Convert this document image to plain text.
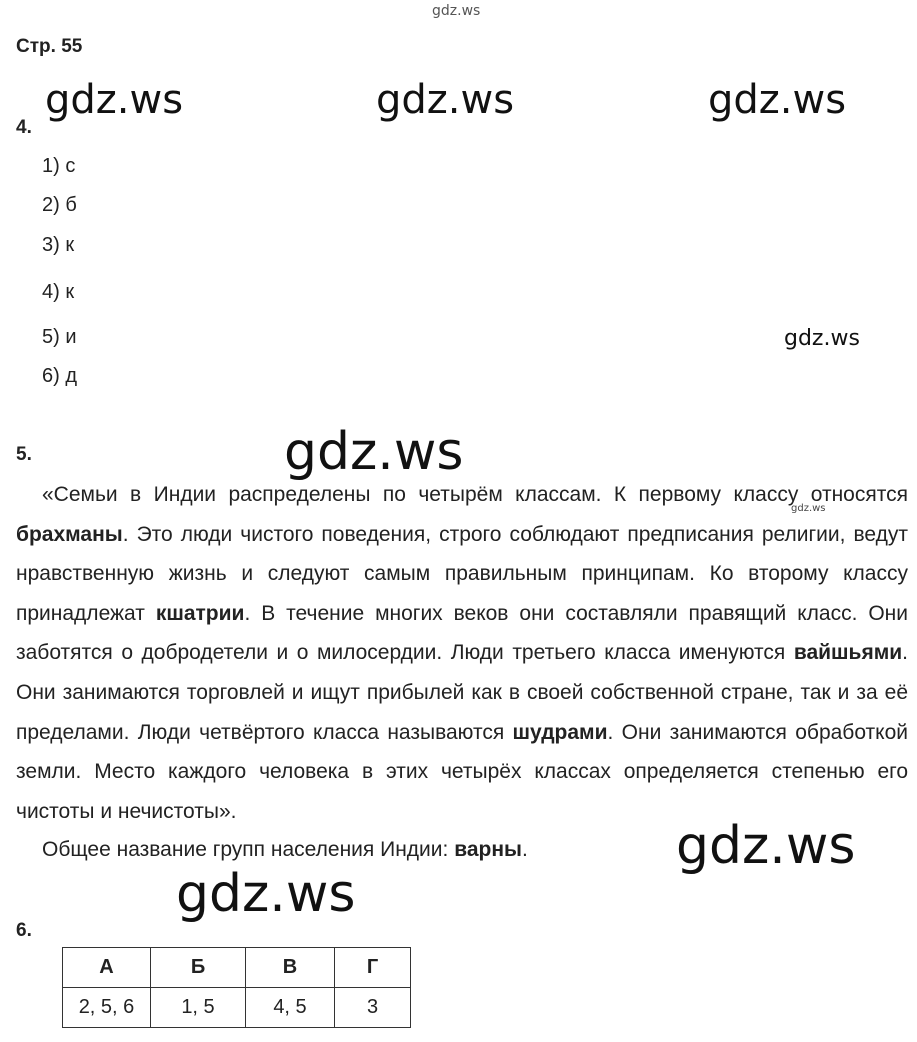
gdz.ws
gdz.ws	gdz.ws	gdz.ws
gdz.ws
gdz.ws
gdz.ws
gdz.ws
gdz.ws
Стр. 55
4.
1) с
2) б
3) к
4) к
5) и
6) д
5.
«Семьи в Индии распределены по четырём классам. К первому классу относятся брахманы. Это люди чистого поведения, строго соблюдают предписания религии, ведут нравственную жизнь и следуют самым правильным принципам. Ко второму классу принадлежат кшатрии. В течение многих веков они составляли правящий класс. Они заботятся о добродетели и о милосердии. Люди третьего класса именуются вайшьями. Они занимаются торговлей и ищут прибылей как в своей собственной стране, так и за её пределами. Люди четвёртого класса называются шудрами. Они занимаются обработкой земли. Место каждого человека в этих четырёх классах определяется степенью его чистоты и нечистоты».
Общее название групп населения Индии: варны.
6.
А	Б	В	Г
2, 5, 6	1, 5	4, 5	3
